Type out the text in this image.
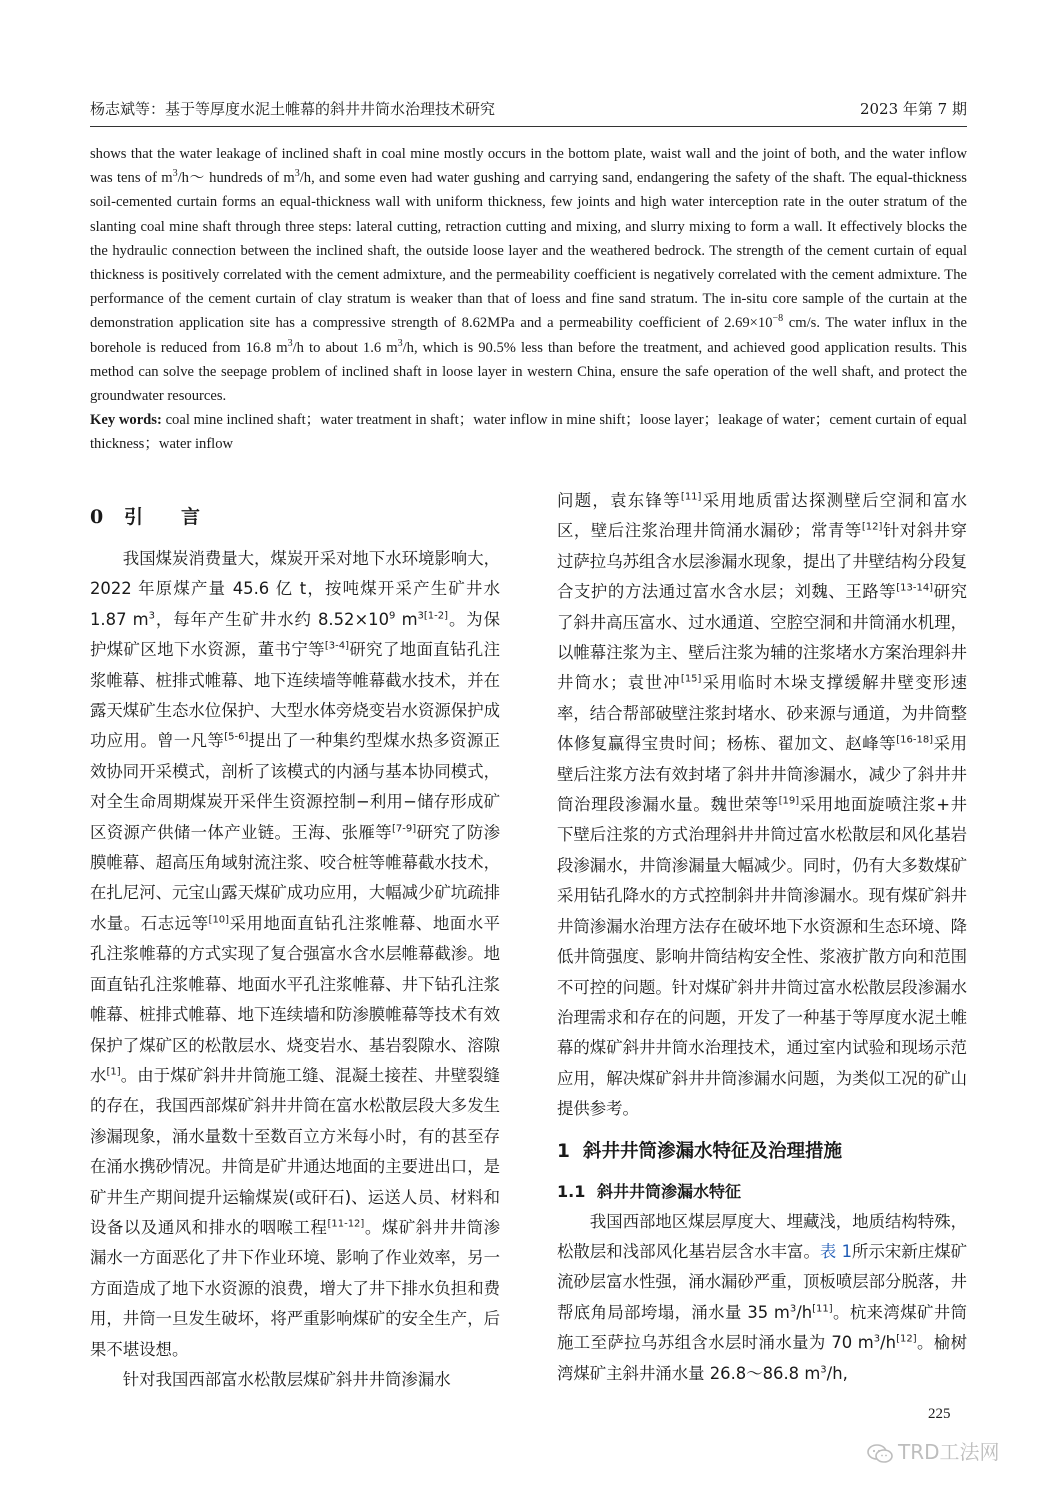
杨志斌等：基于等厚度水泥土帷幕的斜井井筒水治理技术研究	2023 年第 7 期

shows that the water leakage of inclined shaft in coal mine mostly occurs in the bottom plate, waist wall and the joint of both, and the water inflow was tens of $m^3/h\sim$ hundreds of $m^3/h$, and some even had water gushing and carrying sand, endangering the safety of the shaft. The equal-thickness soil-cemented curtain forms an equal-thickness wall with uniform thickness, few joints and high water interception rate in the outer stratum of the slanting coal mine shaft through three steps: lateral cutting, retraction cutting and mixing, and slurry mixing to form a wall. It effectively blocks the the hydraulic connection between the inclined shaft, the outside loose layer and the weathered bedrock. The strength of the cement curtain of equal thickness is positively correlated with the cement admixture, and the permeability coefficient is negatively correlated with the cement admixture. The performance of the cement curtain of clay stratum is weaker than that of loess and fine sand stratum. The in-situ core sample of the curtain at the demonstration application site has a compressive strength of 8.62MPa and a permeability coefficient of $2.69\times 10^{-8}$ cm/s. The water influx in the borehole is reduced from 16.8 $m^3/h$ to about 1.6 $m^3/h$, which is 90.5% less than before the treatment, and achieved good application results. This method can solve the seepage problem of inclined shaft in loose layer in western China, ensure the safe operation of the well shaft, and protect the groundwater resources.

Key words: coal mine inclined shaft；water treatment in shaft；water inflow in mine shift；loose layer；leakage of water；cement curtain of equal thickness；water inflow

0 引 言

我国煤炭消费量大，煤炭开采对地下水环境影响大，2022 年原煤产量 45.6 亿 t，按吨煤开采产生矿井水 1.87 $m^3$，每年产生矿井水约 $8.52\times 10^9$ $m^{3[1-2]}$。为保护煤矿区地下水资源，董书宁等[3-4]研究了地面直钻孔注浆帷幕、桩排式帷幕、地下连续墙等帷幕截水技术，并在露天煤矿生态水位保护、大型水体旁烧变岩水资源保护成功应用。曾一凡等[5-6]提出了一种集约型煤水热多资源正效协同开采模式，剖析了该模式的内涵与基本协同模式，对全生命周期煤炭开采伴生资源控制−利用−储存形成矿区资源产供储一体产业链。王海、张雁等[7-9]研究了防渗膜帷幕、超高压角域射流注浆、咬合桩等帷幕截水技术，在扎尼河、元宝山露天煤矿成功应用，大幅减少矿坑疏排水量。石志远等[10]采用地面直钻孔注浆帷幕、地面水平孔注浆帷幕的方式实现了复合强富水含水层帷幕截渗。地面直钻孔注浆帷幕、地面水平孔注浆帷幕、井下钻孔注浆帷幕、桩排式帷幕、地下连续墙和防渗膜帷幕等技术有效保护了煤矿区的松散层水、烧变岩水、基岩裂隙水、溶隙水[1]。由于煤矿斜井井筒施工缝、混凝土接茬、井壁裂缝的存在，我国西部煤矿斜井井筒在富水松散层段大多发生渗漏现象，涌水量数十至数百立方米每小时，有的甚至存在涌水携砂情况。井筒是矿井通达地面的主要进出口，是矿井生产期间提升运输煤炭(或矸石)、运送人员、材料和设备以及通风和排水的咽喉工程[11-12]。煤矿斜井井筒渗漏水一方面恶化了井下作业环境、影响了作业效率，另一方面造成了地下水资源的浪费，增大了井下排水负担和费用，井筒一旦发生破坏，将严重影响煤矿的安全生产，后果不堪设想。

针对我国西部富水松散层煤矿斜井井筒渗漏水

问题，袁东锋等[11]采用地质雷达探测壁后空洞和富水区，壁后注浆治理井筒涌水漏砂；常青等[12]针对斜井穿过萨拉乌苏组含水层渗漏水现象，提出了井壁结构分段复合支护的方法通过富水含水层；刘魏、王路等[13-14]研究了斜井高压富水、过水通道、空腔空洞和井筒涌水机理，以帷幕注浆为主、壁后注浆为辅的注浆堵水方案治理斜井井筒水；袁世冲[15]采用临时木垛支撑缓解井壁变形速率，结合帮部破壁注浆封堵水、砂来源与通道，为井筒整体修复赢得宝贵时间；杨栋、翟加文、赵峰等[16-18]采用壁后注浆方法有效封堵了斜井井筒渗漏水，减少了斜井井筒治理段渗漏水量。魏世荣等[19]采用地面旋喷注浆+井下壁后注浆的方式治理斜井井筒过富水松散层和风化基岩段渗漏水，井筒渗漏量大幅减少。同时，仍有大多数煤矿采用钻孔降水的方式控制斜井井筒渗漏水。现有煤矿斜井井筒渗漏水治理方法存在破坏地下水资源和生态环境、降低井筒强度、影响井筒结构安全性、浆液扩散方向和范围不可控的问题。针对煤矿斜井井筒过富水松散层段渗漏水治理需求和存在的问题，开发了一种基于等厚度水泥土帷幕的煤矿斜井井筒水治理技术，通过室内试验和现场示范应用，解决煤矿斜井井筒渗漏水问题，为类似工况的矿山提供参考。

1 斜井井筒渗漏水特征及治理措施
1.1 斜井井筒渗漏水特征

我国西部地区煤层厚度大、埋藏浅，地质结构特殊，松散层和浅部风化基岩层含水丰富。表 1所示宋新庄煤矿流砂层富水性强，涌水漏砂严重，顶板喷层部分脱落，井帮底角局部垮塌，涌水量 35 $m^3/h[11]$。杭来湾煤矿井筒施工至萨拉乌苏组含水层时涌水量为 70 $m^3/h[12]$。榆树湾煤矿主斜井涌水量 26.8～86.8 $m^3/h$,

225
TRD工法网
